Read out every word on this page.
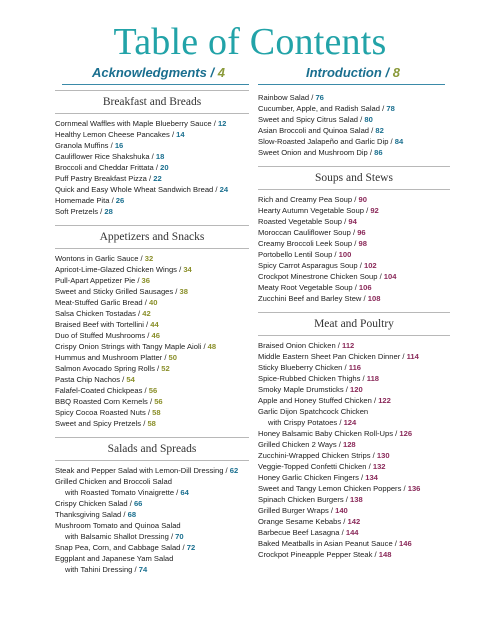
Table of Contents
Acknowledgments / 4	Introduction / 8
Breakfast and Breads
Cornmeal Waffles with Maple Blueberry Sauce / 12
Healthy Lemon Cheese Pancakes / 14
Granola Muffins / 16
Cauliflower Rice Shakshuka / 18
Broccoli and Cheddar Frittata / 20
Puff Pastry Breakfast Pizza / 22
Quick and Easy Whole Wheat Sandwich Bread / 24
Homemade Pita / 26
Soft Pretzels / 28
Appetizers and Snacks
Wontons in Garlic Sauce / 32
Apricot-Lime-Glazed Chicken Wings / 34
Pull-Apart Appetizer Pie / 36
Sweet and Sticky Grilled Sausages / 38
Meat-Stuffed Garlic Bread / 40
Salsa Chicken Tostadas / 42
Braised Beef with Tortellini / 44
Duo of Stuffed Mushrooms / 46
Crispy Onion Strings with Tangy Maple Aioli / 48
Hummus and Mushroom Platter / 50
Salmon Avocado Spring Rolls / 52
Pasta Chip Nachos / 54
Falafel-Coated Chickpeas / 56
BBQ Roasted Corn Kernels / 56
Spicy Cocoa Roasted Nuts / 58
Sweet and Spicy Pretzels / 58
Salads and Spreads
Steak and Pepper Salad with Lemon-Dill Dressing / 62
Grilled Chicken and Broccoli Salad
with Roasted Tomato Vinaigrette / 64
Crispy Chicken Salad / 66
Thanksgiving Salad / 68
Mushroom Tomato and Quinoa Salad
with Balsamic Shallot Dressing / 70
Snap Pea, Corn, and Cabbage Salad / 72
Eggplant and Japanese Yam Salad
with Tahini Dressing / 74
Rainbow Salad / 76
Cucumber, Apple, and Radish Salad / 78
Sweet and Spicy Citrus Salad / 80
Asian Broccoli and Quinoa Salad / 82
Slow-Roasted Jalapeño and Garlic Dip / 84
Sweet Onion and Mushroom Dip / 86
Soups and Stews
Rich and Creamy Pea Soup / 90
Hearty Autumn Vegetable Soup / 92
Roasted Vegetable Soup / 94
Moroccan Cauliflower Soup / 96
Creamy Broccoli Leek Soup / 98
Portobello Lentil Soup / 100
Spicy Carrot Asparagus Soup / 102
Crockpot Minestrone Chicken Soup / 104
Meaty Root Vegetable Soup / 106
Zucchini Beef and Barley Stew / 108
Meat and Poultry
Braised Onion Chicken / 112
Middle Eastern Sheet Pan Chicken Dinner / 114
Sticky Blueberry Chicken / 116
Spice-Rubbed Chicken Thighs / 118
Smoky Maple Drumsticks / 120
Apple and Honey Stuffed Chicken / 122
Garlic Dijon Spatchcock Chicken
with Crispy Potatoes / 124
Honey Balsamic Baby Chicken Roll-Ups / 126
Grilled Chicken 2 Ways / 128
Zucchini-Wrapped Chicken Strips / 130
Veggie-Topped Confetti Chicken / 132
Honey Garlic Chicken Fingers / 134
Sweet and Tangy Lemon Chicken Poppers / 136
Spinach Chicken Burgers / 138
Grilled Burger Wraps / 140
Orange Sesame Kebabs / 142
Barbecue Beef Lasagna / 144
Baked Meatballs in Asian Peanut Sauce / 146
Crockpot Pineapple Pepper Steak / 148
